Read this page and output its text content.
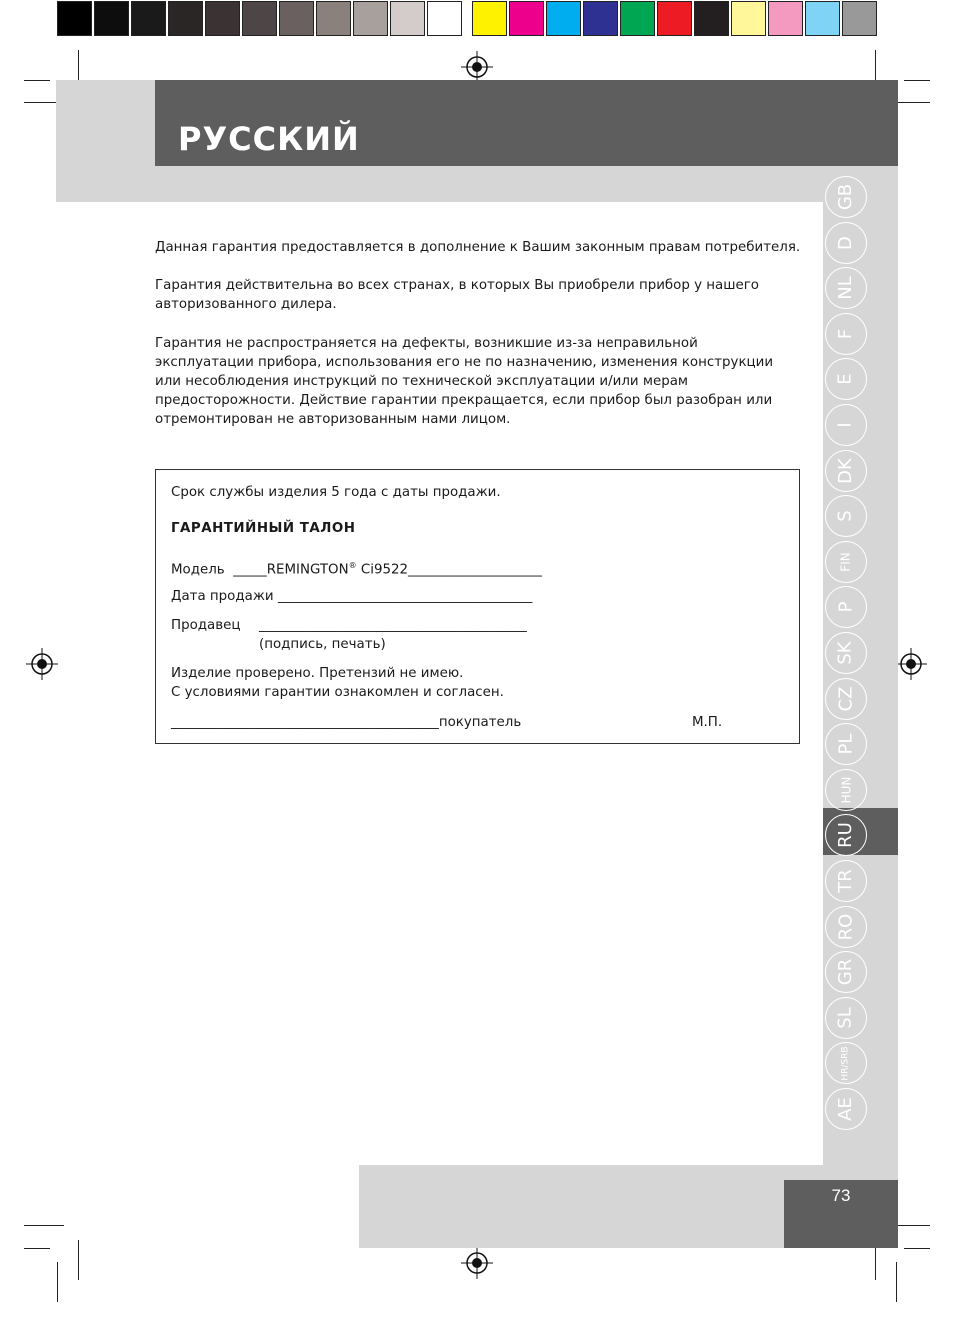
РУССКИЙ
GB
D
NL
F
E
I
DK
S
FIN
P
SK
CZ
PL
HUN
RU
TR
RO
GR
SL
HR/SRB
AE
Данная гарантия предоставляется в дополнение к Вашим законным правам потребителя.
Гарантия действительна во всех странах, в которых Вы приобрели прибор у нашего авторизованного дилера.
Гарантия не распространяется на дефекты, возникшие из-за неправильной эксплуатации прибора, использования его не по назначению, изменения конструкции или несоблюдения инструкций по технической эксплуатации и/или мерам предосторожности. Действие гарантии прекращается, если прибор был разобран или отремонтирован не авторизованным нами лицом.
Срок службы изделия 5 года с даты продажи.
ГАРАНТИЙНЫЙ ТАЛОН
Модель _____REMINGTON® Ci9522____________________
Дата продажи ______________________________________
Продавец ________________________________________
(подпись, печать)
Изделие проверено. Претензий не имею.
С условиями гарантии ознакомлен и согласен.
________________________________________покупатель	М.П.
73
